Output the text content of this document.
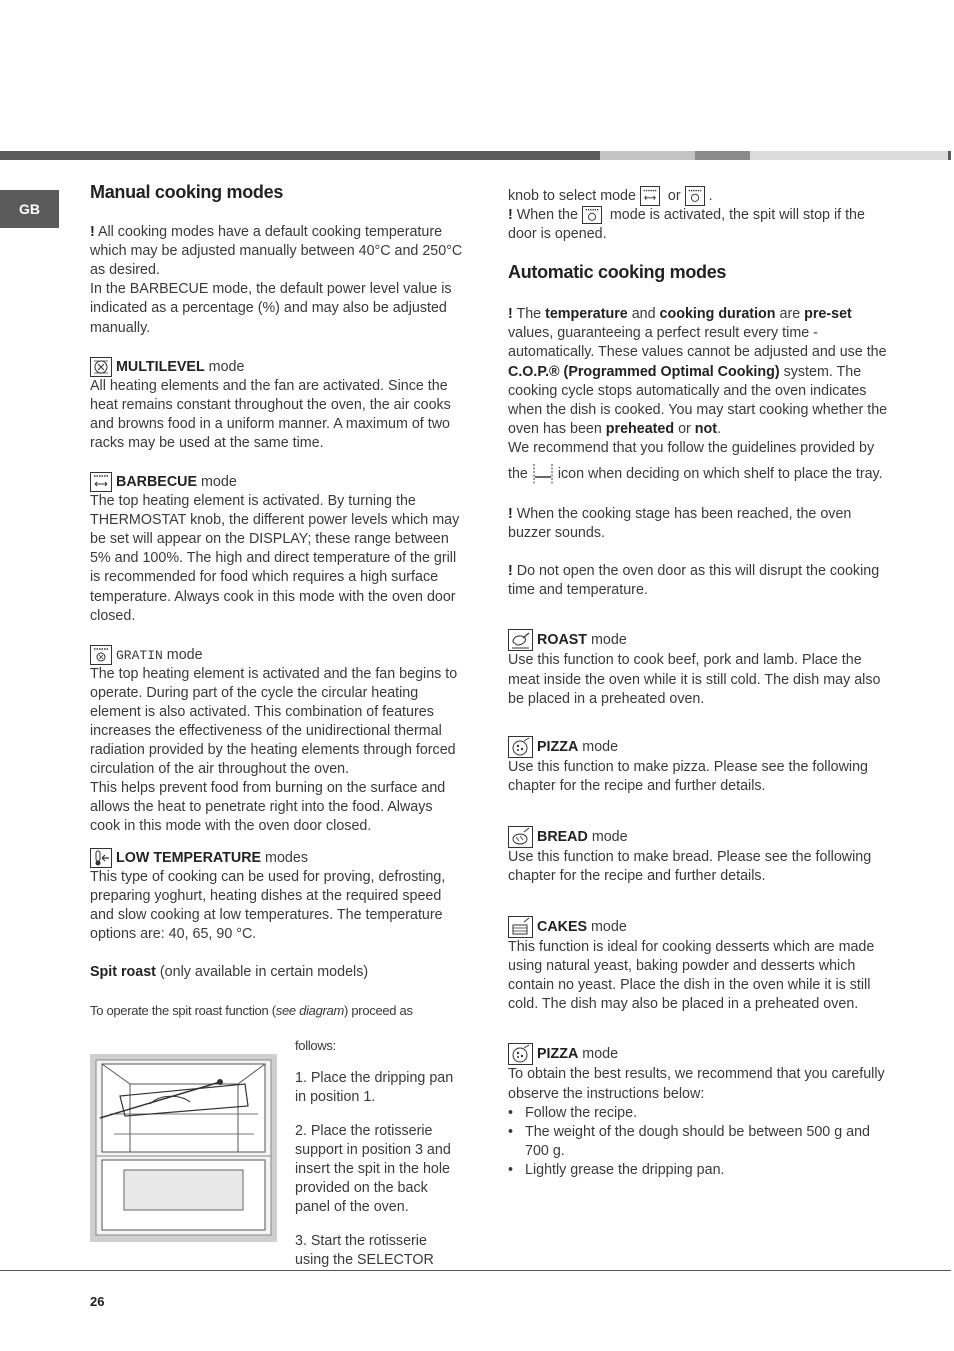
GB
Manual cooking modes

! All cooking modes have a default cooking temperature which may be adjusted manually between 40°C and 250°C as desired.

In the BARBECUE mode, the default power level value is indicated as a percentage (%) and may also be adjusted manually.

MULTILEVEL mode

All heating elements and the fan are activated. Since the heat remains constant throughout the oven, the air cooks and browns food in a uniform manner. A maximum of two racks may be used at the same time.

BARBECUE mode

The top heating element is activated. By turning the THERMOSTAT knob, the different power levels which may be set will appear on the DISPLAY; these range between 5% and 100%. The high and direct temperature of the grill is recommended for food which requires a high surface temperature. Always cook in this mode with the oven door closed.

GRATIN mode

The top heating element is activated and the fan begins to operate. During part of the cycle the circular heating element is also activated. This combination of features increases the effectiveness of the unidirectional thermal radiation provided by the heating elements through forced circulation of the air throughout the oven.

This helps prevent food from burning on the surface and allows the heat to penetrate right into the food. Always cook in this mode with the oven door closed.

LOW TEMPERATURE modes

This type of cooking can be used for proving, defrosting, preparing yoghurt, heating dishes at the required speed and slow cooking at low temperatures. The temperature options are: 40, 65, 90 °C.

Spit roast (only available in certain models)

To operate the spit roast function (see diagram) proceed as

follows:

1. Place the dripping pan in position 1.

2. Place the rotisserie support in position 3 and insert the spit in the hole provided on the back panel of the oven.

3. Start the rotisserie using the SELECTOR

knob to select mode
or
.

! When the
mode is activated, the spit will stop if the door is opened.

Automatic cooking modes

! The temperature and cooking duration are pre-set values, guaranteeing a perfect result every time - automatically. These values cannot be adjusted and use the C.O.P.® (Programmed Optimal Cooking) system. The cooking cycle stops automatically and the oven indicates when the dish is cooked. You may start cooking whether the oven has been preheated or not.

We recommend that you follow the guidelines provided by

the  icon when deciding on which shelf to place the tray.

! When the cooking stage has been reached, the oven buzzer sounds.

! Do not open the oven door as this will disrupt the cooking time and temperature.

ROAST mode

Use this function to cook beef, pork and lamb. Place the meat inside the oven while it is still cold. The dish may also be placed in a preheated oven.

PIZZA mode

Use this function to make pizza. Please see the following chapter for the recipe and further details.

BREAD mode

Use this function to make bread. Please see the following chapter for the recipe and further details.

CAKES mode

This function is ideal for cooking desserts which are made using natural yeast, baking powder and desserts which contain no yeast. Place the dish in the oven while it is still cold. The dish may also be placed in a preheated oven.

PIZZA mode

To obtain the best results, we recommend that you carefully observe the instructions below:

• Follow the recipe.
• The weight of the dough should be between 500 g and 700 g.
• Lightly grease the dripping pan.
26
